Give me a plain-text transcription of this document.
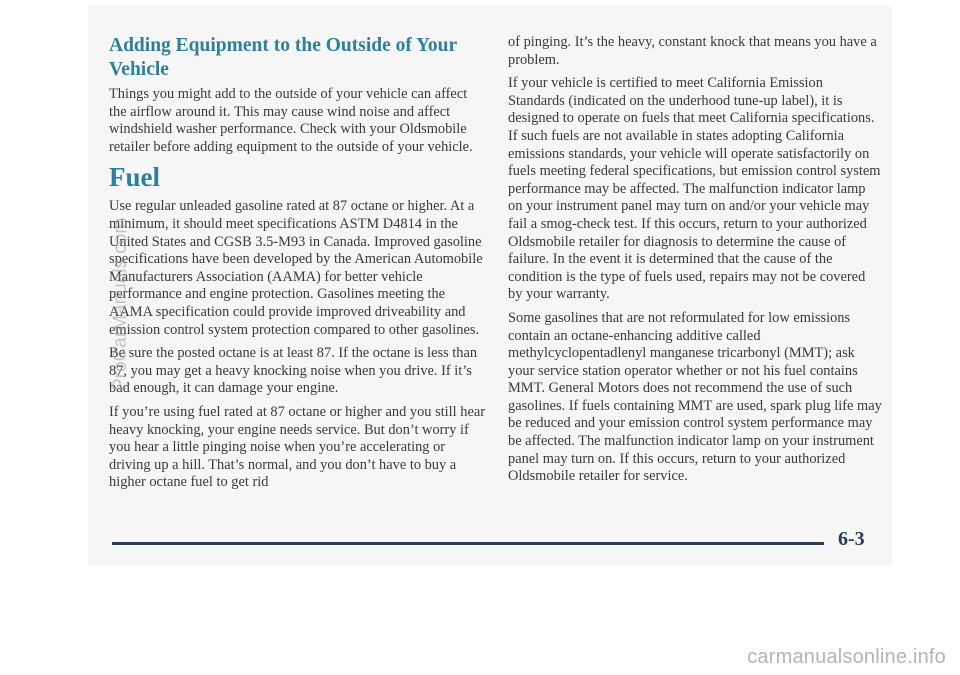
Adding Equipment to the Outside of Your Vehicle

Things you might add to the outside of your vehicle can affect the airflow around it. This may cause wind noise and affect windshield washer performance. Check with your Oldsmobile retailer before adding equipment to the outside of your vehicle.

Fuel

Use regular unleaded gasoline rated at 87 octane or higher. At a minimum, it should meet specifications ASTM D4814 in the United States and CGSB 3.5-M93 in Canada. Improved gasoline specifications have been developed by the American Automobile Manufacturers Association (AAMA) for better vehicle performance and engine protection. Gasolines meeting the AAMA specification could provide improved driveability and emission control system protection compared to other gasolines.

Be sure the posted octane is at least 87. If the octane is less than 87, you may get a heavy knocking noise when you drive. If it’s bad enough, it can damage your engine.

If you’re using fuel rated at 87 octane or higher and you still hear heavy knocking, your engine needs service. But don’t worry if you hear a little pinging noise when you’re accelerating or driving up a hill. That’s normal, and you don’t have to buy a higher octane fuel to get rid

of pinging. It’s the heavy, constant knock that means you have a problem.

If your vehicle is certified to meet California Emission Standards (indicated on the underhood tune-up label), it is designed to operate on fuels that meet California specifications. If such fuels are not available in states adopting California emissions standards, your vehicle will operate satisfactorily on fuels meeting federal specifications, but emission control system performance may be affected. The malfunction indicator lamp on your instrument panel may turn on and/or your vehicle may fail a smog-check test. If this occurs, return to your authorized Oldsmobile retailer for diagnosis to determine the cause of failure. In the event it is determined that the cause of the condition is the type of fuels used, repairs may not be covered by your warranty.

Some gasolines that are not reformulated for low emissions contain an octane-enhancing additive called methylcyclopentadlenyl manganese tricarbonyl (MMT); ask your service station operator whether or not his fuel contains MMT. General Motors does not recommend the use of such gasolines. If fuels containing MMT are used, spark plug life may be reduced and your emission control system performance may be affected. The malfunction indicator lamp on your instrument panel may turn on. If this occurs, return to your authorized Oldsmobile retailer for service.

6-3
ProCarManuals.com
carmanualsonline.info
